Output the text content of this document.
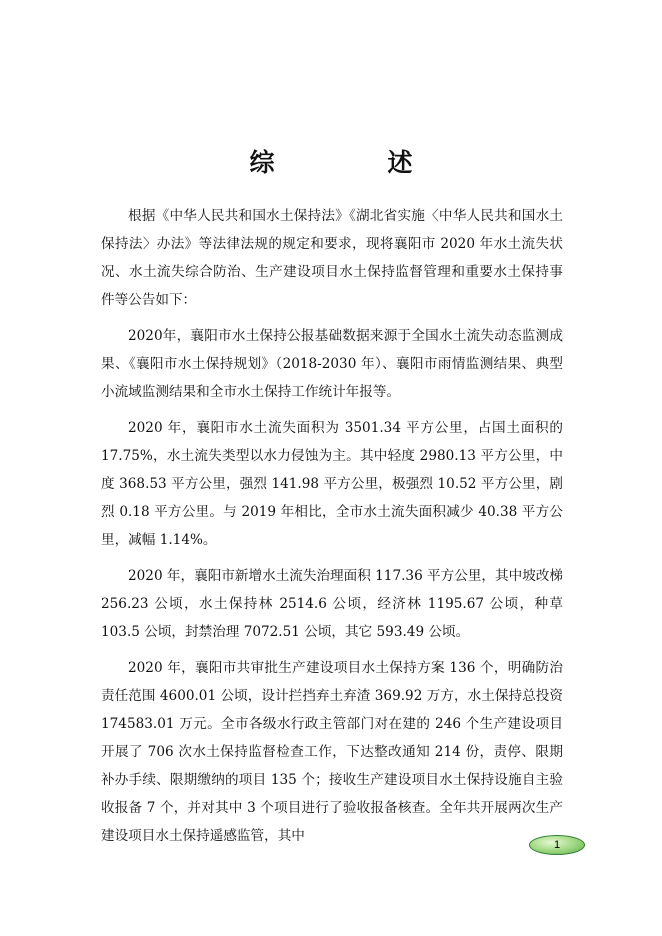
综　述

根据《中华人民共和国水土保持法》《湖北省实施〈中华人民共和国水土保持法〉办法》等法律法规的规定和要求，现将襄阳市 2020 年水土流失状况、水土流失综合防治、生产建设项目水土保持监督管理和重要水土保持事件等公告如下：

2020年，襄阳市水土保持公报基础数据来源于全国水土流失动态监测成果、《襄阳市水土保持规划》（2018-2030 年）、襄阳市雨情监测结果、典型小流域监测结果和全市水土保持工作统计年报等。

2020 年，襄阳市水土流失面积为 3501.34 平方公里，占国土面积的 17.75%，水土流失类型以水力侵蚀为主。其中轻度 2980.13 平方公里，中度 368.53 平方公里，强烈 141.98 平方公里，极强烈 10.52 平方公里，剧烈 0.18 平方公里。与 2019 年相比，全市水土流失面积减少 40.38 平方公里，减幅 1.14%。

2020 年，襄阳市新增水土流失治理面积 117.36 平方公里，其中坡改梯 256.23 公顷，水土保持林 2514.6 公顷，经济林 1195.67 公顷，种草 103.5 公顷，封禁治理 7072.51 公顷，其它 593.49 公顷。

2020 年，襄阳市共审批生产建设项目水土保持方案 136 个，明确防治责任范围 4600.01 公顷，设计拦挡弃土弃渣 369.92 万方，水土保持总投资 174583.01 万元。全市各级水行政主管部门对在建的 246 个生产建设项目开展了 706 次水土保持监督检查工作，下达整改通知 214 份，责停、限期补办手续、限期缴纳的项目 135 个；接收生产建设项目水土保持设施自主验收报备 7 个，并对其中 3 个项目进行了验收报备核查。全年共开展两次生产建设项目水土保持遥感监管，其中

1
